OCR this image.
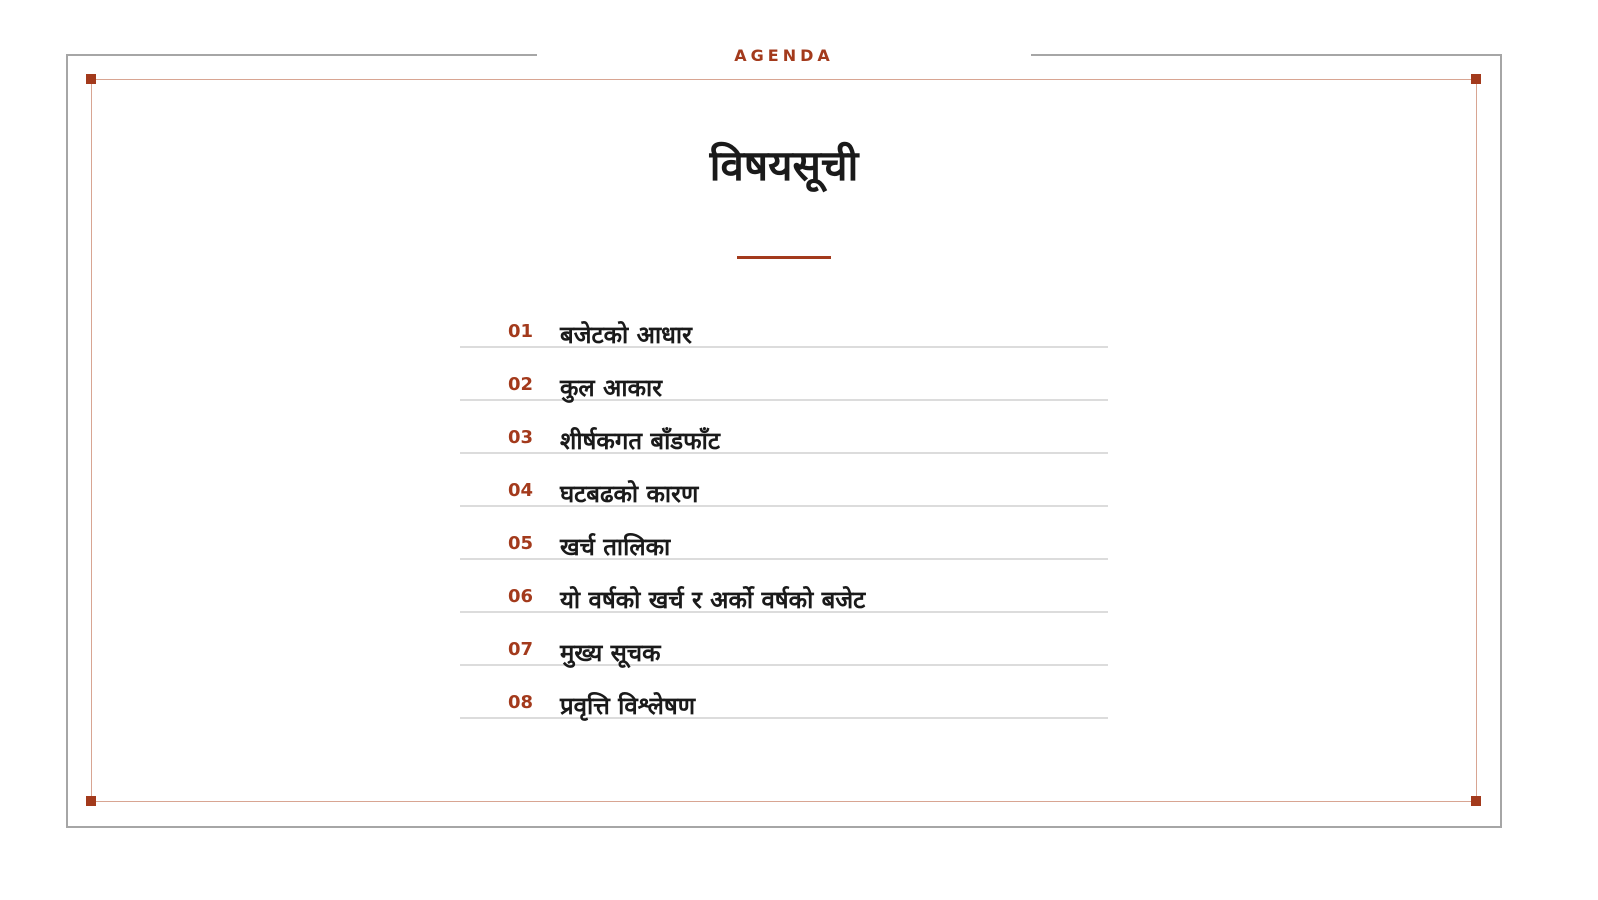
AGENDA
विषयसूची
01 बजेटको आधार
02 कुल आकार
03 शीर्षकगत बाँडफाँट
04 घटबढको कारण
05 खर्च तालिका
06 यो वर्षको खर्च र अर्को वर्षको बजेट
07 मुख्य सूचक
08 प्रवृत्ति विश्लेषण
